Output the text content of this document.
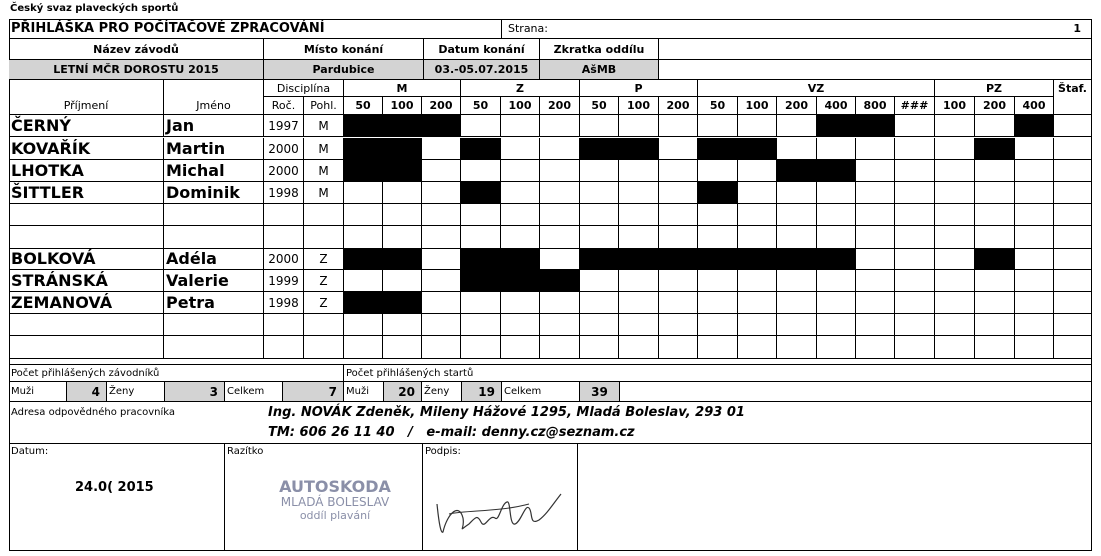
Český svaz plaveckých sportů
PŘIHLÁŠKA PRO POČÍTAČOVÉ ZPRACOVÁNÍ	Strana:	1
Název závodů	Místo konání	Datum konání	Zkratka oddílu
LETNÍ MČR DOROSTU 2015	Pardubice	03.-05.07.2015	AšMB
Disciplína	M	Z	P	VZ	PZ	Štaf.
Příjmení	Jméno	Roč.	Pohl.	50	100	200	50	100	200	50	100	200	50	100	200	400	800	###	100	200	400
ČERNÝ	Jan	1997	M
KOVAŘÍK	Martin	2000	M
LHOTKA	Michal	2000	M
ŠITTLER	Dominik	1998	M
BOLKOVÁ	Adéla	2000	Z
STRÁNSKÁ	Valerie	1999	Z
ZEMANOVÁ	Petra	1998	Z
Počet přihlášených závodníků	Počet přihlášených startů
Muži	4 Ženy	3 Celkem	7 Muži	20 Ženy	19 Celkem	39
Adresa odpovědného pracovníka	Ing. NOVÁK Zdeněk, Mileny Hážové 1295, Mladá Boleslav, 293 01
TM: 606 26 11 40   /   e-mail: denny.cz@seznam.cz
Datum:	Razítko	Podpis:
24.0( 2015	AUTOSKODA
MLADÁ BOLESLAV
oddíl plavání
